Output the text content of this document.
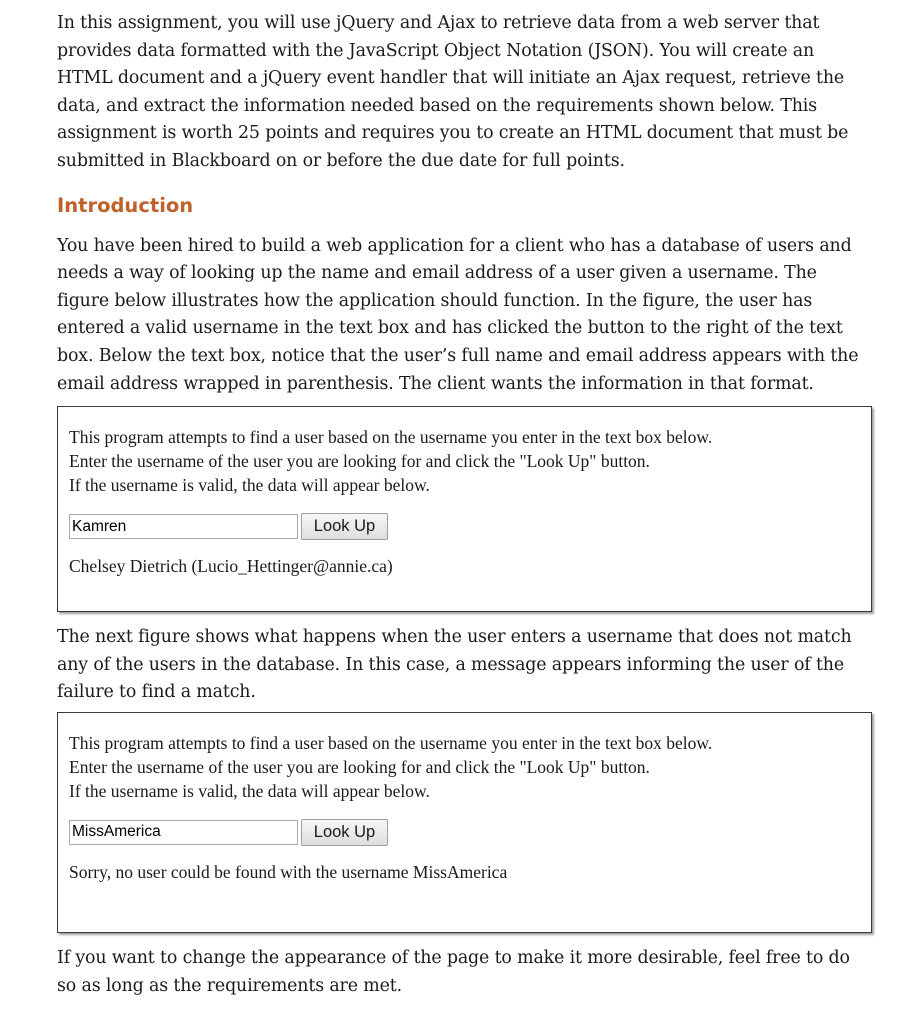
In this assignment, you will use jQuery and Ajax to retrieve data from a web server that
provides data formatted with the JavaScript Object Notation (JSON). You will create an
HTML document and a jQuery event handler that will initiate an Ajax request, retrieve the
data, and extract the information needed based on the requirements shown below. This
assignment is worth 25 points and requires you to create an HTML document that must be
submitted in Blackboard on or before the due date for full points.

Introduction

You have been hired to build a web application for a client who has a database of users and
needs a way of looking up the name and email address of a user given a username. The
figure below illustrates how the application should function. In the figure, the user has
entered a valid username in the text box and has clicked the button to the right of the text
box. Below the text box, notice that the user’s full name and email address appears with the
email address wrapped in parenthesis. The client wants the information in that format.

This program attempts to find a user based on the username you enter in the text box below.
Enter the username of the user you are looking for and click the "Look Up" button.
If the username is valid, the data will appear below.
Kamren
Look Up
Chelsey Dietrich (Lucio_Hettinger@annie.ca)

The next figure shows what happens when the user enters a username that does not match
any of the users in the database. In this case, a message appears informing the user of the
failure to find a match.

This program attempts to find a user based on the username you enter in the text box below.
Enter the username of the user you are looking for and click the "Look Up" button.
If the username is valid, the data will appear below.
MissAmerica
Look Up
Sorry, no user could be found with the username MissAmerica

If you want to change the appearance of the page to make it more desirable, feel free to do
so as long as the requirements are met.
